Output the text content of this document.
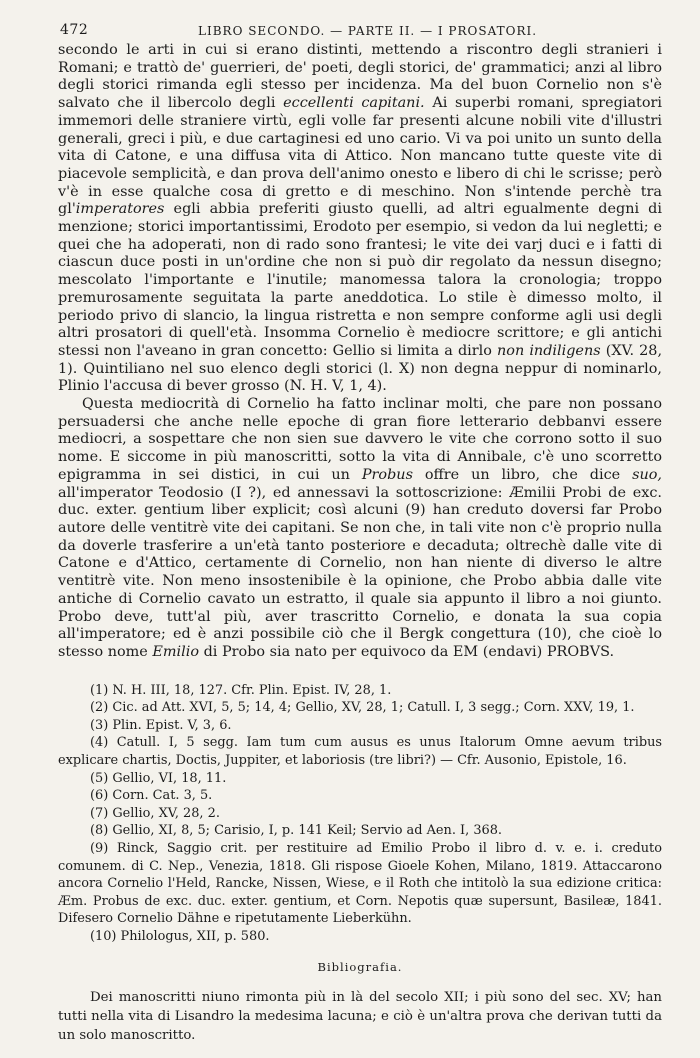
472	LIBRO SECONDO. — PARTE II. — I PROSATORI.

secondo le arti in cui si erano distinti, mettendo a riscontro degli stranieri i Romani; e trattò de' guerrieri, de' poeti, degli storici, de' grammatici; anzi al libro degli storici rimanda egli stesso per incidenza. Ma del buon Cornelio non s'è salvato che il libercolo degli eccellenti capitani. Ai superbi romani, spregiatori immemori delle straniere virtù, egli volle far presenti alcune nobili vite d'illustri generali, greci i più, e due cartaginesi ed uno cario. Vi va poi unito un sunto della vita di Catone, e una diffusa vita di Attico. Non mancano tutte queste vite di piacevole semplicità, e dan prova dell'animo onesto e libero di chi le scrisse; però v'è in esse qualche cosa di gretto e di meschino. Non s'intende perchè tra gl'imperatores egli abbia preferiti giusto quelli, ad altri egualmente degni di menzione; storici importantissimi, Erodoto per esempio, si vedon da lui negletti; e quei che ha adoperati, non di rado sono frantesi; le vite dei varj duci e i fatti di ciascun duce posti in un'ordine che non si può dir regolato da nessun disegno; mescolato l'importante e l'inutile; manomessa talora la cronologia; troppo premurosamente seguitata la parte aneddotica. Lo stile è dimesso molto, il periodo privo di slancio, la lingua ristretta e non sempre conforme agli usi degli altri prosatori di quell'età. Insomma Cornelio è mediocre scrittore; e gli antichi stessi non l'aveano in gran concetto: Gellio si limita a dirlo non indiligens (XV. 28, 1). Quintiliano nel suo elenco degli storici (l. X) non degna neppur di nominarlo, Plinio l'accusa di bever grosso (N. H. V, 1, 4).

Questa mediocrità di Cornelio ha fatto inclinar molti, che pare non possano persuadersi che anche nelle epoche di gran fiore letterario debbanvi essere mediocri, a sospettare che non sien sue davvero le vite che corrono sotto il suo nome. E siccome in più manoscritti, sotto la vita di Annibale, c'è uno scorretto epigramma in sei distici, in cui un Probus offre un libro, che dice suo, all'imperator Teodosio (I ?), ed annessavi la sottoscrizione: Æmilii Probi de exc. duc. exter. gentium liber explicit; così alcuni (9) han creduto doversi far Probo autore delle ventitrè vite dei capitani. Se non che, in tali vite non c'è proprio nulla da doverle trasferire a un'età tanto posteriore e decaduta; oltrechè dalle vite di Catone e d'Attico, certamente di Cornelio, non han niente di diverso le altre ventitrè vite. Non meno insostenibile è la opinione, che Probo abbia dalle vite antiche di Cornelio cavato un estratto, il quale sia appunto il libro a noi giunto. Probo deve, tutt'al più, aver trascritto Cornelio, e donata la sua copia all'imperatore; ed è anzi possibile ciò che il Bergk congettura (10), che cioè lo stesso nome Emilio di Probo sia nato per equivoco da EM (endavi) PROBVS.

(1) N. H. III, 18, 127. Cfr. Plin. Epist. IV, 28, 1.
(2) Cic. ad Att. XVI, 5, 5; 14, 4; Gellio, XV, 28, 1; Catull. I, 3 segg.; Corn. XXV, 19, 1.
(3) Plin. Epist. V, 3, 6.
(4) Catull. I, 5 segg. Iam tum cum ausus es unus Italorum Omne aevum tribus explicare chartis, Doctis, Juppiter, et laboriosis (tre libri?) — Cfr. Ausonio, Epistole, 16.
(5) Gellio, VI, 18, 11.
(6) Corn. Cat. 3, 5.
(7) Gellio, XV, 28, 2.
(8) Gellio, XI, 8, 5; Carisio, I, p. 141 Keil; Servio ad Aen. I, 368.
(9) Rinck, Saggio crit. per restituire ad Emilio Probo il libro d. v. e. i. creduto comunem. di C. Nep., Venezia, 1818. Gli rispose Gioele Kohen, Milano, 1819. Attaccarono ancora Cornelio l'Held, Rancke, Nissen, Wiese, e il Roth che intitolò la sua edizione critica: Æm. Probus de exc. duc. exter. gentium, et Corn. Nepotis quæ supersunt, Basileæ, 1841. Difesero Cornelio Dähne e ripetutamente Lieberkühn.
(10) Philologus, XII, p. 580.
Bibliografia.
Dei manoscritti niuno rimonta più in là del secolo XII; i più sono del sec. XV; han tutti nella vita di Lisandro la medesima lacuna; e ciò è un'altra prova che derivan tutti da un solo manoscritto.
